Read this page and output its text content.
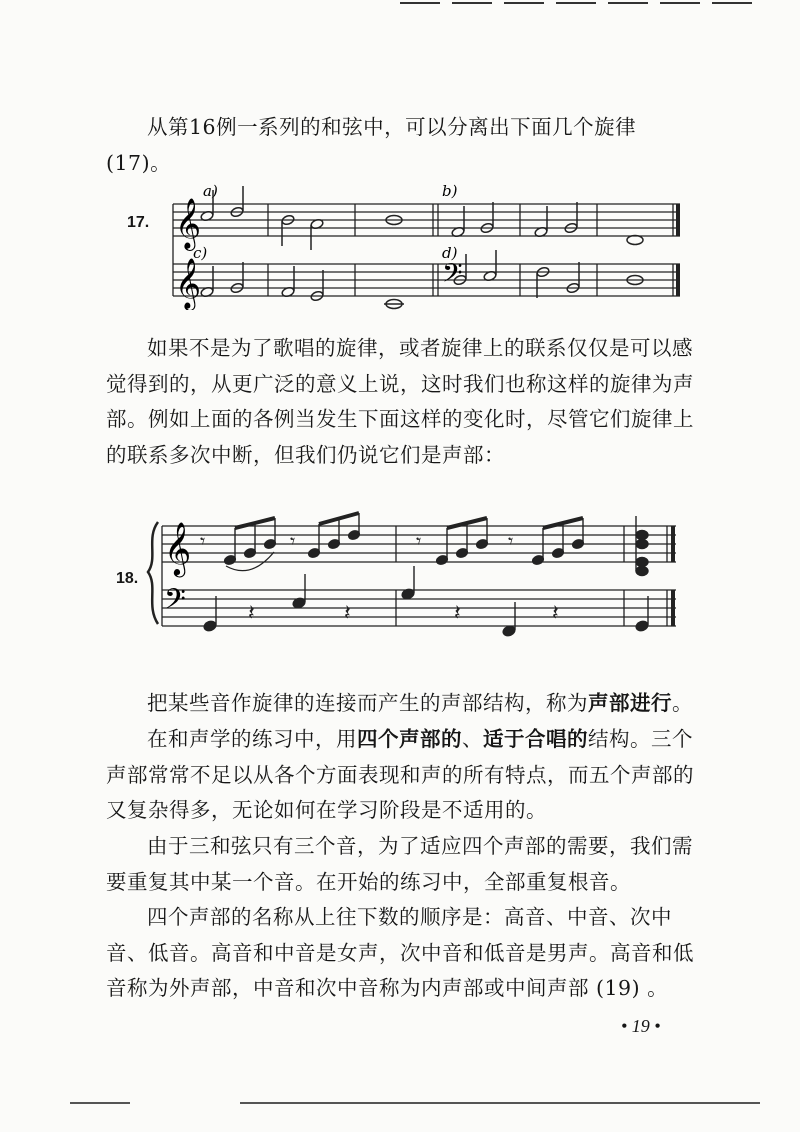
从第16例一系列的和弦中，可以分离出下面几个旋律 (17)。

17. 𝄞
𝄞	𝄢
a)	b)
c)	d)

如果不是为了歌唱的旋律，或者旋律上的联系仅仅是可以感觉得到的，从更广泛的意义上说，这时我们也称这样的旋律为声部。例如上面的各例当发生下面这样的变化时，尽管它们旋律上的联系多次中断，但我们仍说它们是声部：

18.
𝄞
𝄢
𝄾	𝄾	𝄾	𝄾
𝄽	𝄽	𝄽	𝄽

把某些音作旋律的连接而产生的声部结构，称为声部进行。

在和声学的练习中，用四个声部的、适于合唱的结构。三个声部常常不足以从各个方面表现和声的所有特点，而五个声部的又复杂得多，无论如何在学习阶段是不适用的。

由于三和弦只有三个音，为了适应四个声部的需要，我们需要重复其中某一个音。在开始的练习中，全部重复根音。

四个声部的名称从上往下数的顺序是：高音、中音、次中音、低音。高音和中音是女声，次中音和低音是男声。高音和低音称为外声部，中音和次中音称为内声部或中间声部 (19) 。

• 19 •
